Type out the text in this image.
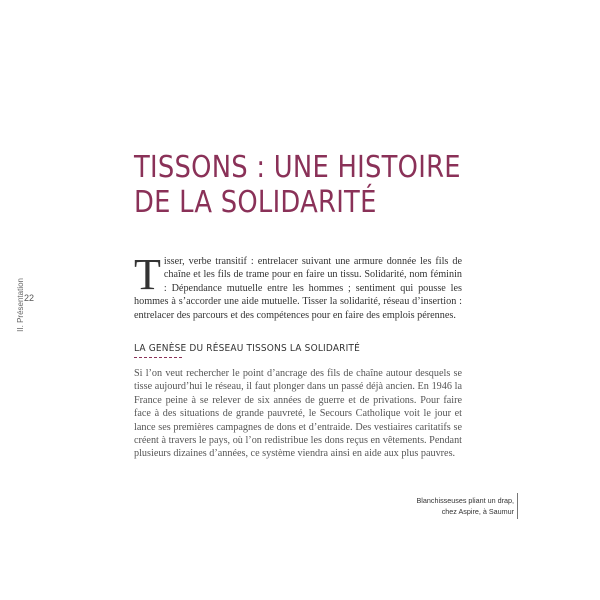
TISSONS : UNE HISTOIRE
DE LA SOLIDARITÉ
22
II. Présentation
T isser, verbe transitif : entrelacer suivant une armure donnée les fils de chaîne et les fils de trame pour en faire un tissu. Solidarité, nom féminin : Dépendance mutuelle entre les hommes ; sentiment qui pousse les hommes à s’accorder une aide mutuelle. Tisser la solidarité, réseau d’insertion : entrelacer des parcours et des compétences pour en faire des emplois pérennes.
LA GENÈSE DU RÉSEAU TISSONS LA SOLIDARITÉ
Si l’on veut rechercher le point d’ancrage des fils de chaîne autour desquels se tisse aujourd’hui le réseau, il faut plonger dans un passé déjà ancien. En 1946 la France peine à se relever de six années de guerre et de privations. Pour faire face à des situations de grande pauvreté, le Secours Catholique voit le jour et lance ses premières campagnes de dons et d’entraide. Des vestiaires caritatifs se créent à travers le pays, où l’on redistribue les dons reçus en vêtements. Pendant plusieurs dizaines d’années, ce système viendra ainsi en aide aux plus pauvres.
Blanchisseuses pliant un drap,
chez Aspire, à Saumur
